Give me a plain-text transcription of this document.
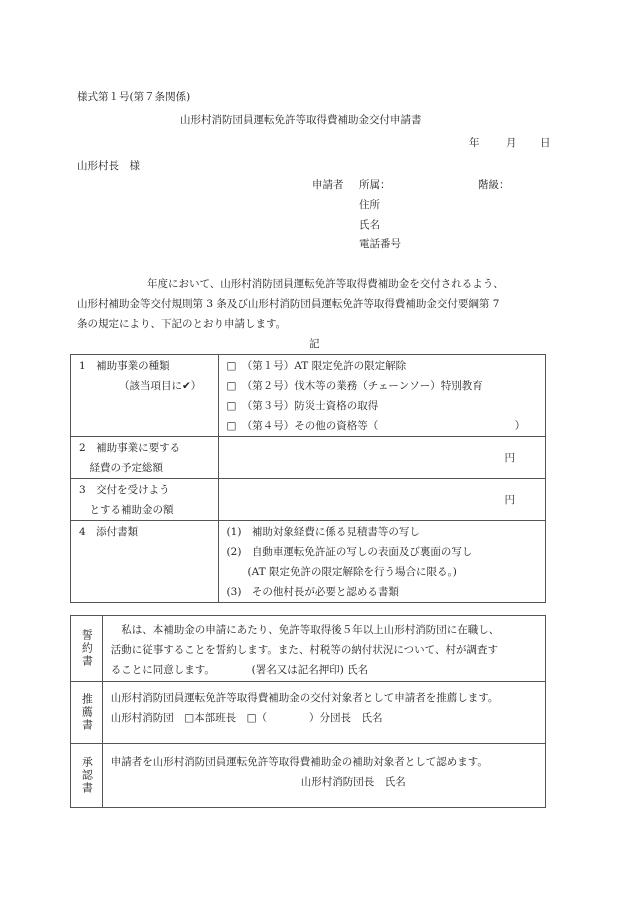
様式第１号(第７条関係)
山形村消防団員運転免許等取得費補助金交付申請書
年	月 日
山形村長　様
申請者 所属：	階級：
住所
氏名
電話番号
年度において、山形村消防団員運転免許等取得費補助金を交付されるよう、
山形村補助金等交付規則第 3 条及び山形村消防団員運転免許等取得費補助金交付要綱第 7
条の規定により、下記のとおり申請します。
記
1　補助事業の種類
（該当項目に✔）	□　（第１号）AT 限定免許の限定解除
□　（第２号）伐木等の業務（チェーンソー）特別教育
□　（第３号）防災士資格の取得
□　（第４号）その他の資格等（　　　　　　　　　　　　　）

2　補助事業に要する
　経費の予定総額	円

3　交付を受けよう
　とする補助金の額	円

4　添付書類	(1)　補助対象経費に係る見積書等の写し
(2)　自動車運転免許証の写しの表面及び裏面の写し
　　(AT 限定免許の限定解除を行う場合に限る。)
(3)　その他村長が必要と認める書類
誓約書	　私は、本補助金の申請にあたり、免許等取得後５年以上山形村消防団に在職し、
活動に従事することを誓約します。また、村税等の納付状況について、村が調査す
ることに同意します。　　　　(署名又は記名押印) 氏名

推薦書	山形村消防団員運転免許等取得費補助金の交付対象者として申請者を推薦します。
山形村消防団　□本部班長　□（　　　　）分団長　氏名

承認書	申請者を山形村消防団員運転免許等取得費補助金の補助対象者として認めます。
山形村消防団長　氏名
